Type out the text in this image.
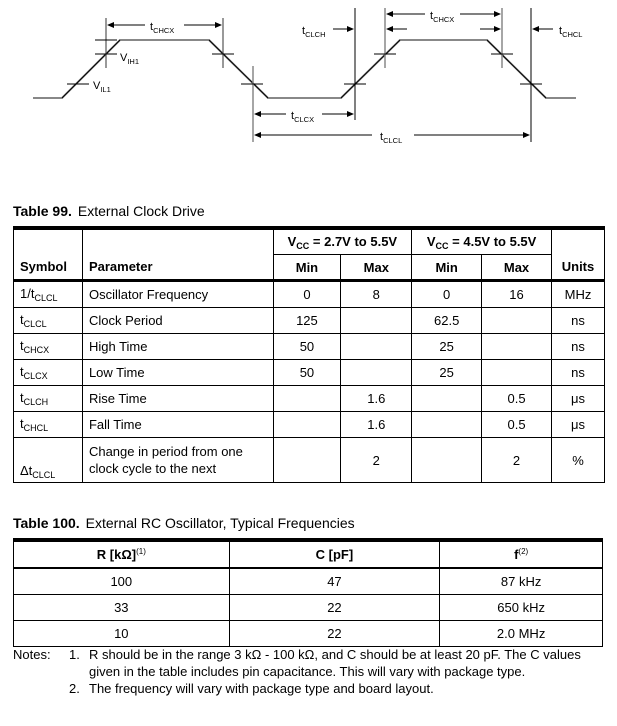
$t_{CHCX}$
$V_{IH1}$
$V_{IL1}$
$t_{CLCH}$
$t_{CHCX}$
$t_{CHCL}$
$t_{CLCX}$
$t_{CLCL}$
Table 99. External Clock Drive
Symbol	Parameter	$V_{CC} = 2.7V$ to 5.5V		$V_{CC} = 4.5V$ to 5.5V		Units
		Min	Max	Min	Max	
$1/t_{CLCL}$	Oscillator Frequency	0	8	0	16	MHz
$t_{CLCL}$	Clock Period	125		62.5		ns
$t_{CHCX}$	High Time	50		25		ns
$t_{CLCX}$	Low Time	50		25		ns
$t_{CLCH}$	Rise Time		1.6		0.5	μs
$t_{CHCL}$	Fall Time		1.6		0.5	μs
$\Delta t_{CLCL}$	Change in period from one clock cycle to the next		2		2	%
Table 100. External RC Oscillator, Typical Frequencies
R $[k\Omega]^{(1)}$	C [pF]	$f^{(2)}$
100	47	87 kHz
33	22	650 kHz
10	22	2.0 MHz
Notes:	1. R should be in the range 3 kΩ - 100 kΩ, and C should be at least 20 pF. The C values given in the table includes pin capacitance. This will vary with package type.
2. The frequency will vary with package type and board layout.
